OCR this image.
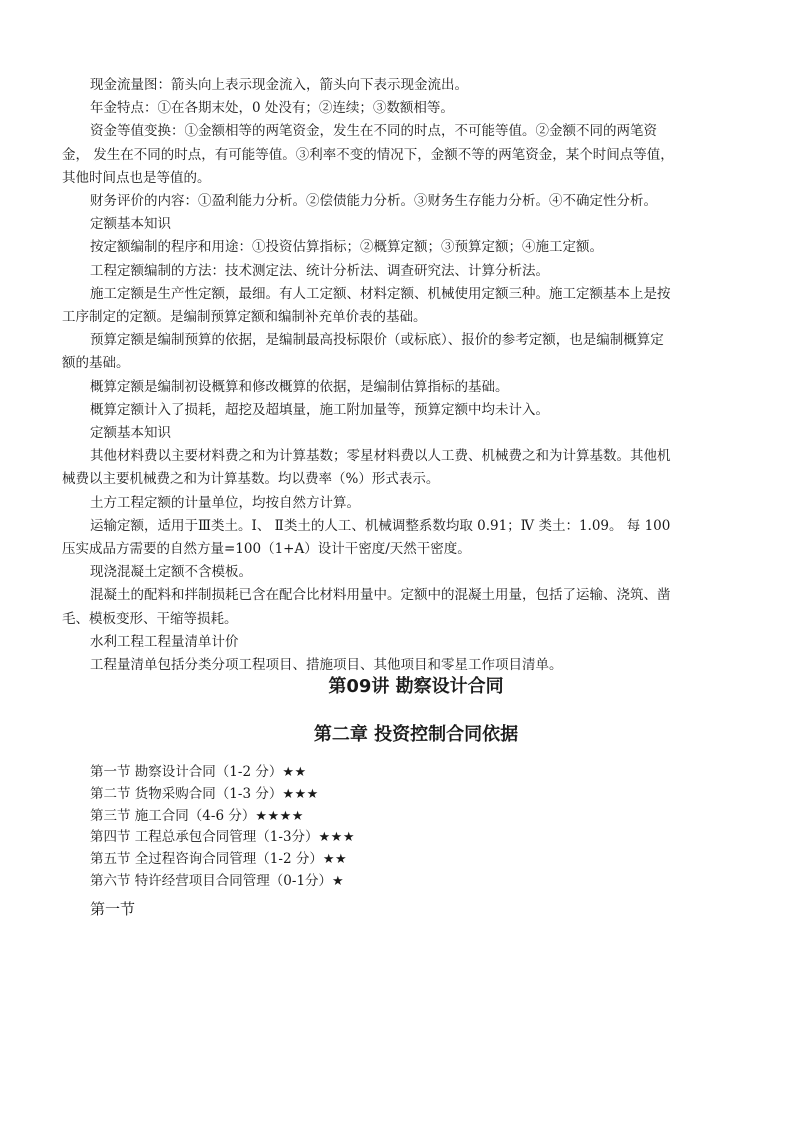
现金流量图：箭头向上表示现金流入，箭头向下表示现金流出。

年金特点：①在各期末处，0 处没有；②连续；③数额相等。

资金等值变换：①金额相等的两笔资金，发生在不同的时点，不可能等值。②金额不同的两笔资

金， 发生在不同的时点，有可能等值。③利率不变的情况下，金额不等的两笔资金，某个时间点等值，

其他时间点也是等值的。

财务评价的内容：①盈利能力分析。②偿债能力分析。③财务生存能力分析。④不确定性分析。

定额基本知识

按定额编制的程序和用途：①投资估算指标；②概算定额；③预算定额；④施工定额。

工程定额编制的方法：技术测定法、统计分析法、调查研究法、计算分析法。

施工定额是生产性定额，最细。有人工定额、材料定额、机械使用定额三种。施工定额基本上是按

工序制定的定额。是编制预算定额和编制补充单价表的基础。

预算定额是编制预算的依据，是编制最高投标限价（或标底）、报价的参考定额，也是编制概算定

额的基础。

概算定额是编制初设概算和修改概算的依据，是编制估算指标的基础。

概算定额计入了损耗，超挖及超填量，施工附加量等，预算定额中均未计入。

定额基本知识

其他材料费以主要材料费之和为计算基数；零星材料费以人工费、机械费之和为计算基数。其他机

械费以主要机械费之和为计算基数。均以费率（%）形式表示。

土方工程定额的计量单位，均按自然方计算。

运输定额，适用于Ⅲ类土。Ⅰ、 Ⅱ类土的人工、机械调整系数均取 0.91；Ⅳ 类土：1.09。 每 100

压实成品方需要的自然方量=100（1+A）设计干密度/天然干密度。

现浇混凝土定额不含模板。

混凝土的配料和拌制损耗已含在配合比材料用量中。定额中的混凝土用量，包括了运输、浇筑、凿

毛、模板变形、干缩等损耗。

水利工程工程量清单计价

工程量清单包括分类分项工程项目、措施项目、其他项目和零星工作项目清单。

第09讲 勘察设计合同
第二章 投资控制合同依据

第一节 勘察设计合同（1-2 分）★★

第二节 货物采购合同（1-3 分）★★★

第三节 施工合同（4-6 分）★★★★

第四节 工程总承包合同管理（1-3分）★★★

第五节 全过程咨询合同管理（1-2 分）★★

第六节 特许经营项目合同管理（0-1分）★

第一节
